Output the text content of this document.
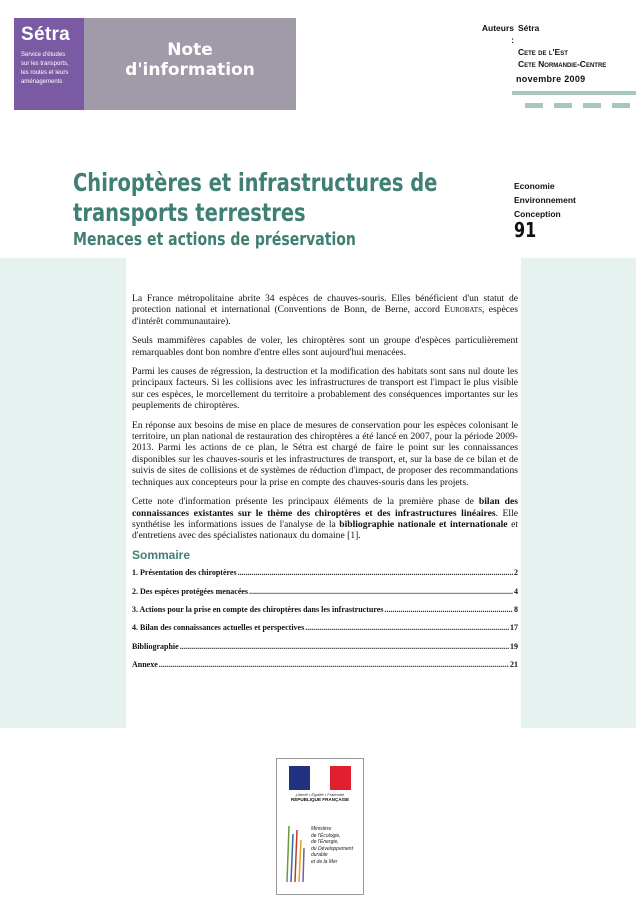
Sétra
Service d'études
sur les transports,
les routes et leurs
aménagements
Note
d'information
Auteurs :
Sétra
Cete de l'Est
Cete Normandie-Centre
novembre 2009
Chiroptères et infrastructures de
transports terrestres
Menaces et actions de préservation
Economie
Environnement
Conception
91

La France métropolitaine abrite 34 espèces de chauves-souris. Elles bénéficient d'un statut de protection national et international (Conventions de Bonn, de Berne, accord Eurobats, espèces d'intérêt communautaire).

Seuls mammifères capables de voler, les chiroptères sont un groupe d'espèces particulièrement remarquables dont bon nombre d'entre elles sont aujourd'hui menacées.

Parmi les causes de régression, la destruction et la modification des habitats sont sans nul doute les principaux facteurs. Si les collisions avec les infrastructures de transport est l'impact le plus visible sur ces espèces, le morcellement du territoire a probablement des conséquences importantes sur les peuplements de chiroptères.

En réponse aux besoins de mise en place de mesures de conservation pour les espèces colonisant le territoire, un plan national de restauration des chiroptères a été lancé en 2007, pour la période 2009-2013. Parmi les actions de ce plan, le Sétra est chargé de faire le point sur les connaissances disponibles sur les chauves-souris et les infrastructures de transport, et, sur la base de ce bilan et de suivis de sites de collisions et de systèmes de réduction d'impact, de proposer des recommandations techniques aux concepteurs pour la prise en compte des chauves-souris dans les projets.

Cette note d'information présente les principaux éléments de la première phase de bilan des connaissances existantes sur le thème des chiroptères et des infrastructures linéaires. Elle synthétise les informations issues de l'analyse de la bibliographie nationale et internationale et d'entretiens avec des spécialistes nationaux du domaine [1].

Sommaire
1. Présentation des chiroptères .....	2
2. Des espèces protégées menacées .....	4
3. Actions pour la prise en compte des chiroptères dans les infrastructures .....	8
4. Bilan des connaissances actuelles et perspectives .....	17
Bibliographie .....	19
Annexe .....	21
Liberté • Égalité • Fraternité
RÉPUBLIQUE FRANÇAISE
Ministère
de l'Écologie,
de l'Énergie,
du Développement
durable
et de la Mer
